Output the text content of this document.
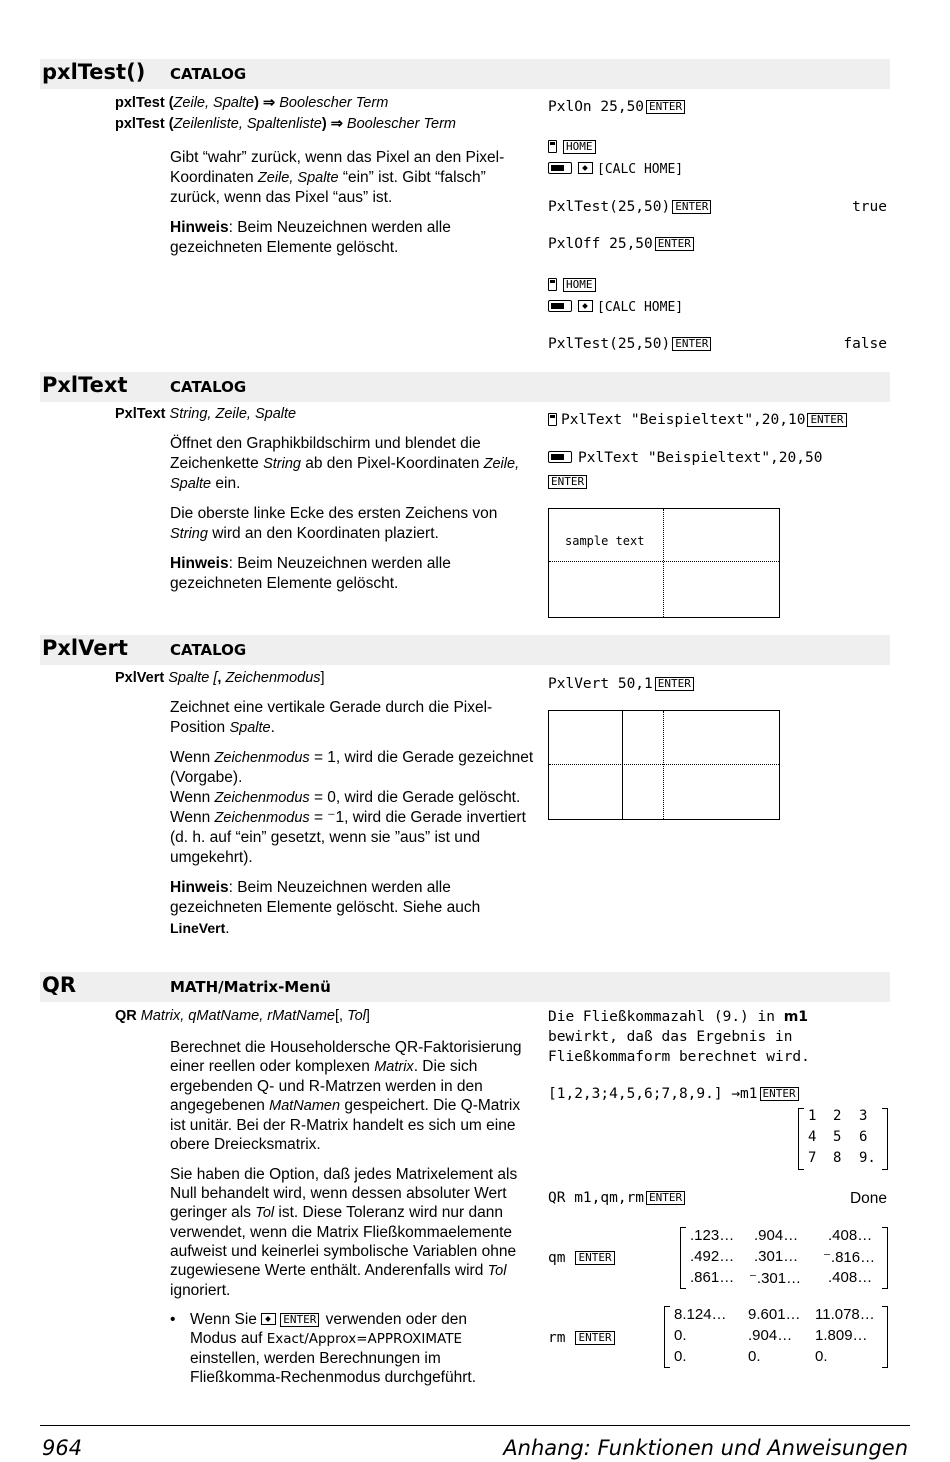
pxlTest() CATALOG
pxlTest (Zeile, Spalte) ⇒ Boolescher Term
pxlTest (Zeilenliste, Spaltenliste) ⇒ Boolescher Term

Gibt “wahr” zurück, wenn das Pixel an den Pixel-Koordinaten Zeile, Spalte “ein” ist. Gibt “falsch” zurück, wenn das Pixel “aus” ist.

Hinweis: Beim Neuzeichnen werden alle gezeichneten Elemente gelöscht.

PxlOn 25,50 ENTER
HOME
[CALC HOME]
PxlTest(25,50) ENTER	true
PxlOff 25,50 ENTER
HOME
[CALC HOME]
PxlTest(25,50) ENTER	false
PxlText	CATALOG
PxlText String, Zeile, Spalte

Öffnet den Graphikbildschirm und blendet die Zeichenkette String ab den Pixel-Koordinaten Zeile, Spalte ein.

Die oberste linke Ecke des ersten Zeichens von String wird an den Koordinaten plaziert.

Hinweis: Beim Neuzeichnen werden alle gezeichneten Elemente gelöscht.

PxlText "Beispieltext",20,10 ENTER
PxlText "Beispieltext",20,50
ENTER
sample text
PxlVert	CATALOG
PxlVert Spalte [, Zeichenmodus]

Zeichnet eine vertikale Gerade durch die Pixel-Position Spalte.

Wenn Zeichenmodus = 1, wird die Gerade gezeichnet (Vorgabe).

Wenn Zeichenmodus = 0, wird die Gerade gelöscht.

Wenn Zeichenmodus = ⁻1, wird die Gerade invertiert (d. h. auf “ein” gesetzt, wenn sie ”aus” ist und umgekehrt).

Hinweis: Beim Neuzeichnen werden alle gezeichneten Elemente gelöscht. Siehe auch LineVert.

PxlVert 50,1 ENTER
QR	MATH/Matrix-Menü
QR Matrix, qMatName, rMatName[, Tol]

Berechnet die Householdersche QR-Faktorisierung einer reellen oder komplexen Matrix. Die sich ergebenden Q- und R-Matrzen werden in den angegebenen MatNamen gespeichert. Die Q-Matrix ist unitär. Bei der R-Matrix handelt es sich um eine obere Dreiecksmatrix.

Sie haben die Option, daß jedes Matrixelement als Null behandelt wird, wenn dessen absoluter Wert geringer als Tol ist. Diese Toleranz wird nur dann verwendet, wenn die Matrix Fließkommaelemente aufweist und keinerlei symbolische Variablen ohne zugewiesene Werte enthält. Anderenfalls wird Tol ignoriert.

• Wenn Sie ENTER verwenden oder den Modus auf Exact/Approx=APPROXIMATE einstellen, werden Berechnungen im Fließkomma-Rechenmodus durchgeführt.

Die Fließkommazahl (9.) in m1
bewirkt, daß das Ergebnis in
Fließkommaform berechnet wird.
[1,2,3;4,5,6;7,8,9.] →m1 ENTER
1 2 3
4 5 6
7 8 9.
QR m1,qm,rm ENTER	Done
qm ENTER
.123… .904… .408…
.492… .301… ⁻.816…
.861… ⁻.301… .408…
rm ENTER
8.124… 9.601… 11.078…
0.	.904… 1.809…
0.	0.	0.
964	Anhang: Funktionen und Anweisungen
